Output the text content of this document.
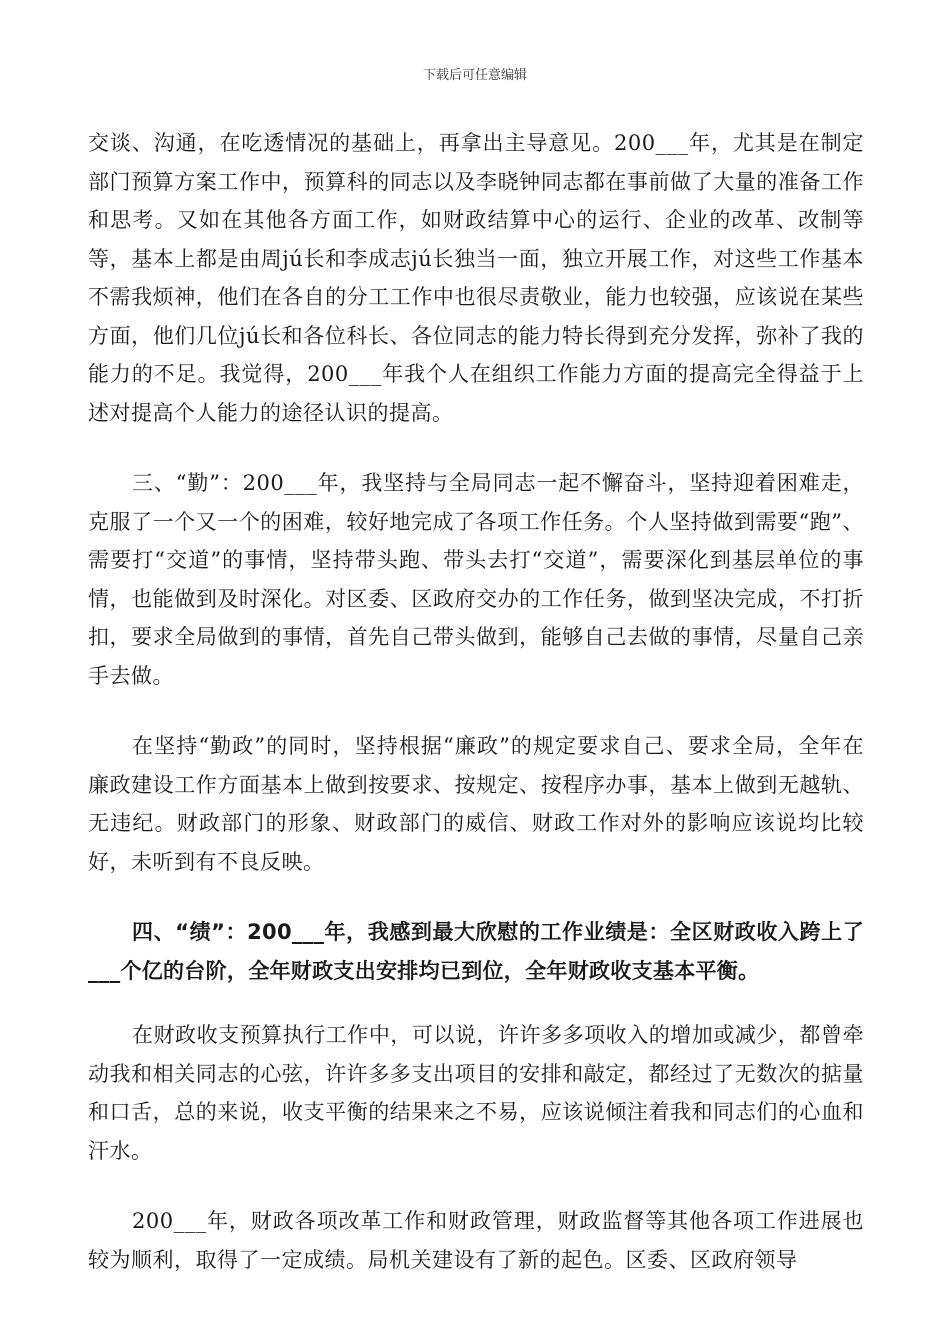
下载后可任意编辑

交谈、沟通，在吃透情况的基础上，再拿出主导意见。200___年，尤其是在制定部门预算方案工作中，预算科的同志以及李晓钟同志都在事前做了大量的准备工作和思考。又如在其他各方面工作，如财政结算中心的运行、企业的改革、改制等等，基本上都是由周jú长和李成志jú长独当一面，独立开展工作，对这些工作基本不需我烦神，他们在各自的分工工作中也很尽责敬业，能力也较强，应该说在某些方面，他们几位jú长和各位科长、各位同志的能力特长得到充分发挥，弥补了我的能力的不足。我觉得，200___年我个人在组织工作能力方面的提高完全得益于上述对提高个人能力的途径认识的提高。

三、“勤”：200___年，我坚持与全局同志一起不懈奋斗，坚持迎着困难走，克服了一个又一个的困难，较好地完成了各项工作任务。个人坚持做到需要“跑”、需要打“交道”的事情，坚持带头跑、带头去打“交道”，需要深化到基层单位的事情，也能做到及时深化。对区委、区政府交办的工作任务，做到坚决完成，不打折扣，要求全局做到的事情，首先自己带头做到，能够自己去做的事情，尽量自己亲手去做。

在坚持“勤政”的同时，坚持根据“廉政”的规定要求自己、要求全局，全年在廉政建设工作方面基本上做到按要求、按规定、按程序办事，基本上做到无越轨、无违纪。财政部门的形象、财政部门的威信、财政工作对外的影响应该说均比较好，未听到有不良反映。

四、“绩”：200___年，我感到最大欣慰的工作业绩是：全区财政收入跨上了___个亿的台阶，全年财政支出安排均已到位，全年财政收支基本平衡。

在财政收支预算执行工作中，可以说，许许多多项收入的增加或减少，都曾牵动我和相关同志的心弦，许许多多支出项目的安排和敲定，都经过了无数次的掂量和口舌，总的来说，收支平衡的结果来之不易，应该说倾注着我和同志们的心血和汗水。

200___年，财政各项改革工作和财政管理，财政监督等其他各项工作进展也较为顺利，取得了一定成绩。局机关建设有了新的起色。区委、区政府领导
